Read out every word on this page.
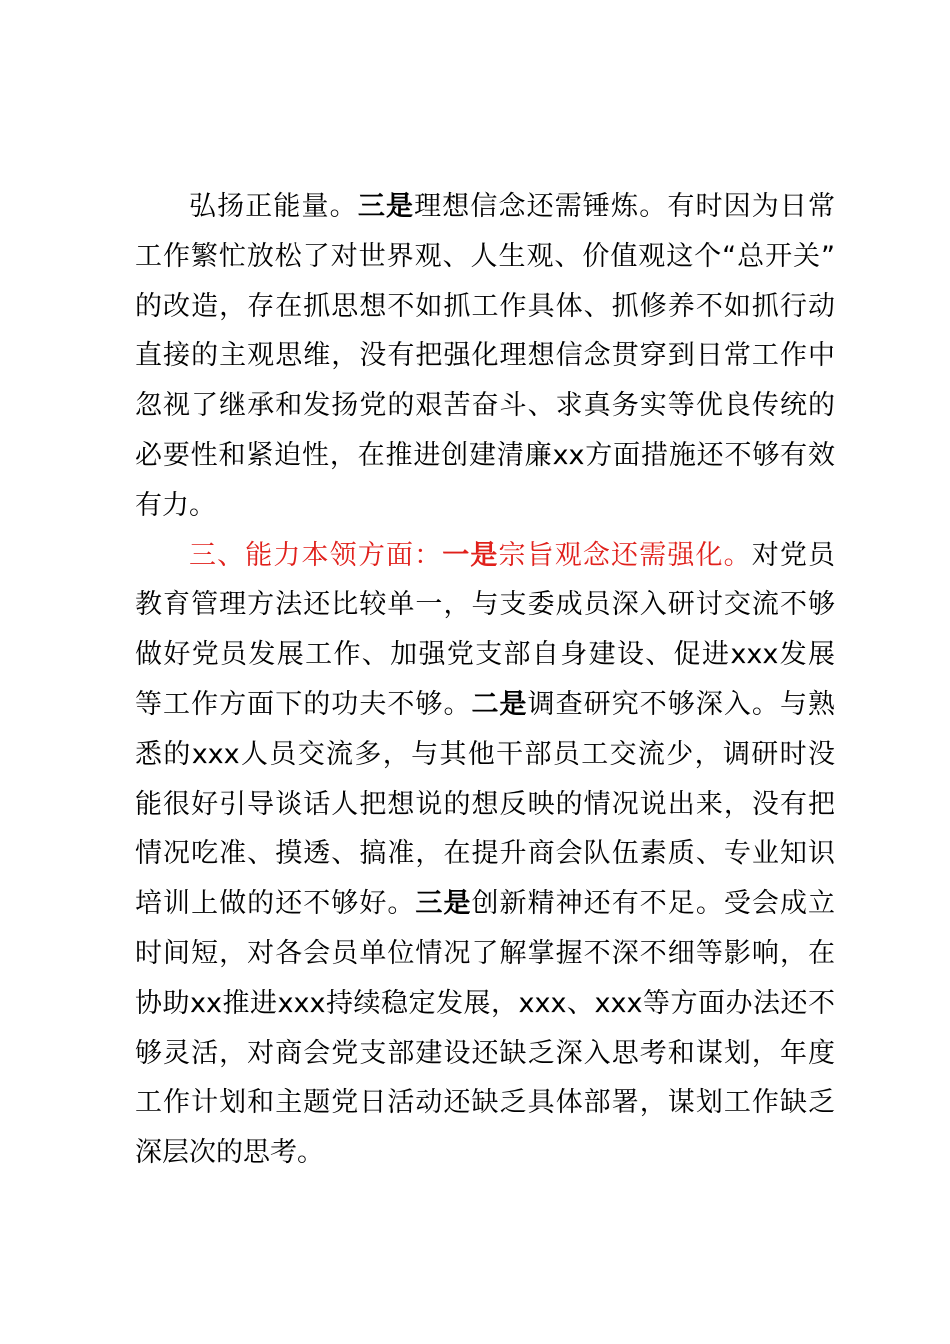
弘扬正能量。三是理想信念还需锤炼。有时因为日常
工作繁忙放松了对世界观、人生观、价值观这个“总开关”
的改造，存在抓思想不如抓工作具体、抓修养不如抓行动
直接的主观思维，没有把强化理想信念贯穿到日常工作中
忽视了继承和发扬党的艰苦奋斗、求真务实等优良传统的
必要性和紧迫性，在推进创建清廉xx方面措施还不够有效
有力。
三、能力本领方面：一是宗旨观念还需强化。对党员
教育管理方法还比较单一，与支委成员深入研讨交流不够
做好党员发展工作、加强党支部自身建设、促进xxx发展
等工作方面下的功夫不够。二是调查研究不够深入。与熟
悉的xxx人员交流多，与其他干部员工交流少，调研时没
能很好引导谈话人把想说的想反映的情况说出来，没有把
情况吃准、摸透、搞准，在提升商会队伍素质、专业知识
培训上做的还不够好。三是创新精神还有不足。受会成立
时间短，对各会员单位情况了解掌握不深不细等影响，在
协助xx推进xxx持续稳定发展，xxx、xxx等方面办法还不
够灵活，对商会党支部建设还缺乏深入思考和谋划，年度
工作计划和主题党日活动还缺乏具体部署，谋划工作缺乏
深层次的思考。
